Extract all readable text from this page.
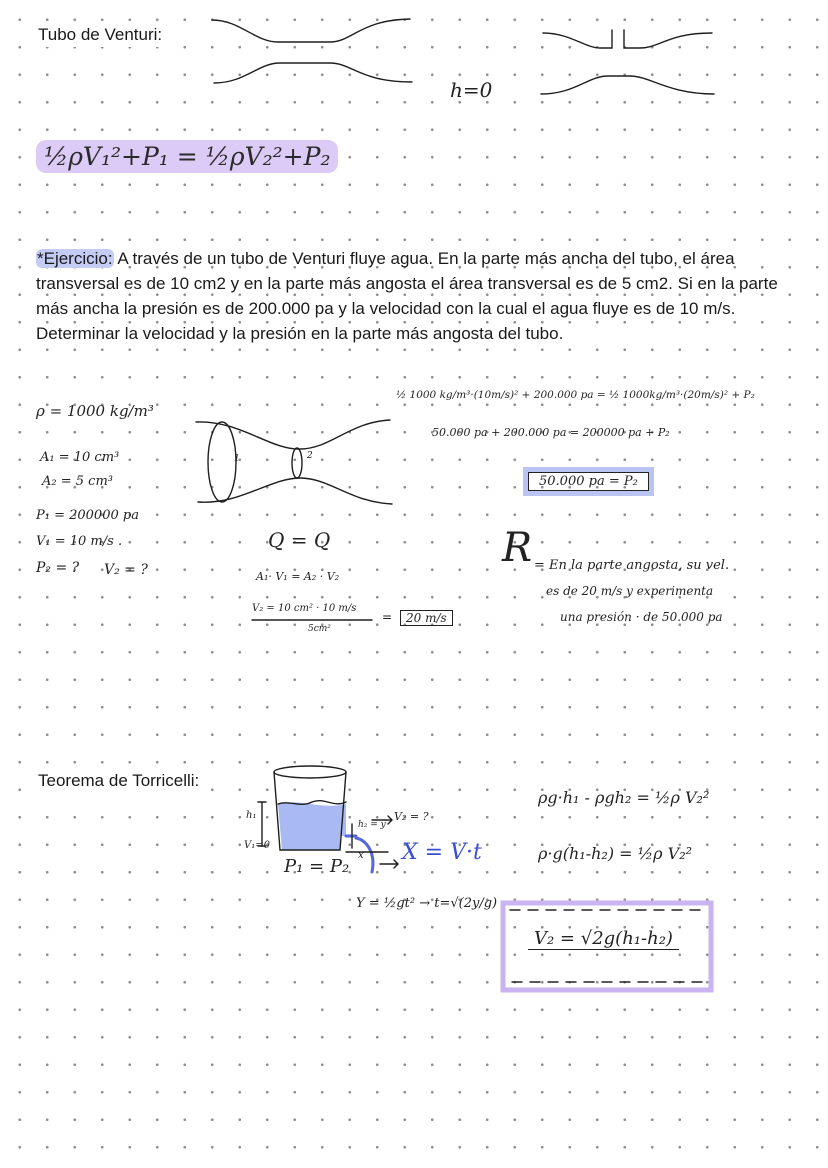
Tubo de Venturi:
h=0
½ρV₁²+P₁ = ½ρV₂²+P₂
*Ejercicio: A través de un tubo de Venturi fluye agua. En la parte más ancha del tubo, el área transversal es de 10 cm2 y en la parte más angosta el área transversal es de 5 cm2. Si en la parte más ancha la presión es de 200.000 pa y la velocidad con la cual el agua fluye es de 10 m/s. Determinar la velocidad y la presión en la parte más angosta del tubo.
ρ = 1000 kg/m³
A₁ = 10 cm³
A₂ = 5 cm³
P₁ = 200000 pa
V₁ = 10 m/s .
P₂ = ? V₂ = ?
1	2
Q = Q
A₁· V₁ = A₂ · V₂
V₂ = 10 cm² · 10 m/s
5cm²
=	20 m/s
½ 1000 kg/m³·(10m/s)² + 200.000 pa = ½ 1000kg/m³·(20m/s)² + P₂
50.000 pa + 200.000 pa = 200000 pa + P₂
50.000 pa = P₂
R = En la parte angosta, su vel.
es de 20 m/s y experimenta
una presión · de 50.000 pa
Teorema de Torricelli:
h₁
V₁=0
h₂ = y
V₂ = ?
x
P₁ = P₂
X = V·t
Y = ½gt² → t=√(2y/g)
ρg·h₁ - ρgh₂ = ½ρ V₂²
ρ·g(h₁-h₂) = ½ρ V₂²
V₂ = √2g(h₁-h₂)
